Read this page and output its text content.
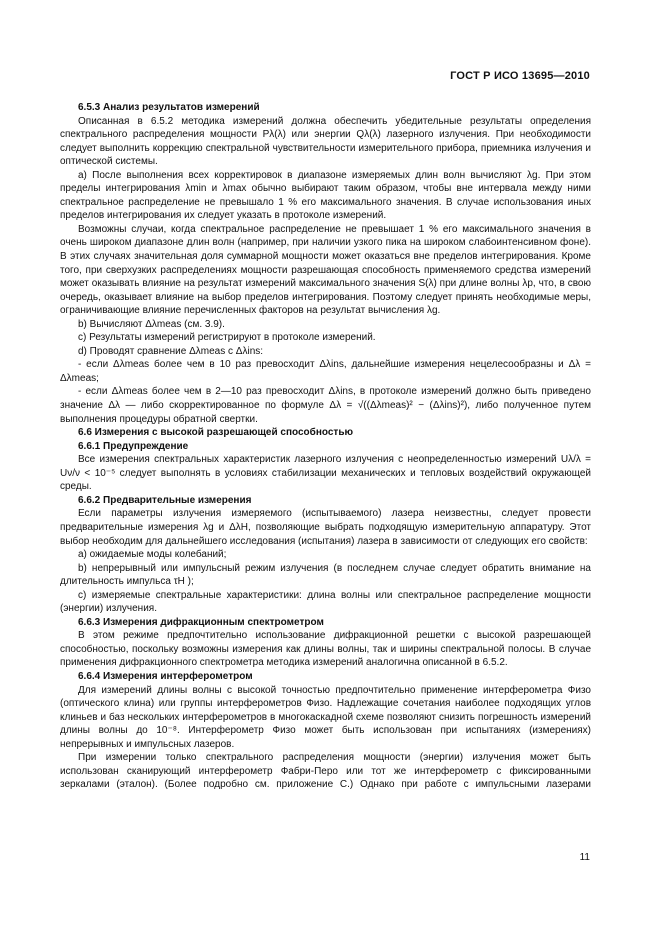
ГОСТ Р ИСО 13695—2010

6.5.3 Анализ результатов измерений

Описанная в 6.5.2 методика измерений должна обеспечить убедительные результаты определения спектрального распределения мощности Pλ(λ) или энергии Qλ(λ) лазерного излучения. При необходимости следует выполнить коррекцию спектральной чувствительности измерительного прибора, приемника излучения и оптической системы.

a) После выполнения всех корректировок в диапазоне измеряемых длин волн вычисляют λg. При этом пределы интегрирования λmin и λmax обычно выбирают таким образом, чтобы вне интервала между ними спектральное распределение не превышало 1 % его максимального значения. В случае использования иных пределов интегрирования их следует указать в протоколе измерений.

Возможны случаи, когда спектральное распределение не превышает 1 % его максимального значения в очень широком диапазоне длин волн (например, при наличии узкого пика на широком слабоинтенсивном фоне). В этих случаях значительная доля суммарной мощности может оказаться вне пределов интегрирования. Кроме того, при сверхузких распределениях мощности разрешающая способность применяемого средства измерений может оказывать влияние на результат измерений максимального значения S(λ) при длине волны λp, что, в свою очередь, оказывает влияние на выбор пределов интегрирования. Поэтому следует принять необходимые меры, ограничивающие влияние перечисленных факторов на результат вычисления λg.

b) Вычисляют Δλmeas (см. 3.9).

c) Результаты измерений регистрируют в протоколе измерений.

d) Проводят сравнение Δλmeas с Δλins:

- если Δλmeas более чем в 10 раз превосходит Δλins, дальнейшие измерения нецелесообразны и Δλ = Δλmeas;

- если Δλmeas более чем в 2—10 раз превосходит Δλins, в протоколе измерений должно быть приведено значение Δλ — либо скорректированное по формуле Δλ = √((Δλmeas)² − (Δλins)²), либо полученное путем выполнения процедуры обратной свертки.

6.6 Измерения с высокой разрешающей способностью

6.6.1 Предупреждение

Все измерения спектральных характеристик лазерного излучения с неопределенностью измерений Uλ/λ = Uν/ν < 10⁻⁵ следует выполнять в условиях стабилизации механических и тепловых воздействий окружающей среды.

6.6.2 Предварительные измерения

Если параметры излучения измеряемого (испытываемого) лазера неизвестны, следует провести предварительные измерения λg и ΔλH, позволяющие выбрать подходящую измерительную аппаратуру. Этот выбор необходим для дальнейшего исследования (испытания) лазера в зависимости от следующих его свойств:

a) ожидаемые моды колебаний;

b) непрерывный или импульсный режим излучения (в последнем случае следует обратить внимание на длительность импульса τH );

c) измеряемые спектральные характеристики: длина волны или спектральное распределение мощности (энергии) излучения.

6.6.3 Измерения дифракционным спектрометром

В этом режиме предпочтительно использование дифракционной решетки с высокой разрешающей способностью, поскольку возможны измерения как длины волны, так и ширины спектральной полосы. В случае применения дифракционного спектрометра методика измерений аналогична описанной в 6.5.2.

6.6.4 Измерения интерферометром

Для измерений длины волны с высокой точностью предпочтительно применение интерферометра Физо (оптического клина) или группы интерферометров Физо. Надлежащие сочетания наиболее подходящих углов клиньев и баз нескольких интерферометров в многокаскадной схеме позволяют снизить погрешность измерений длины волны до 10⁻⁸. Интерферометр Физо может быть использован при испытаниях (измерениях) непрерывных и импульсных лазеров.

При измерении только спектрального распределения мощности (энергии) излучения может быть использован сканирующий интерферометр Фабри-Перо или тот же интерферометр с фиксированными зеркалами (эталон). (Более подробно см. приложение С.) Однако при работе с импульсными лазерами

11
